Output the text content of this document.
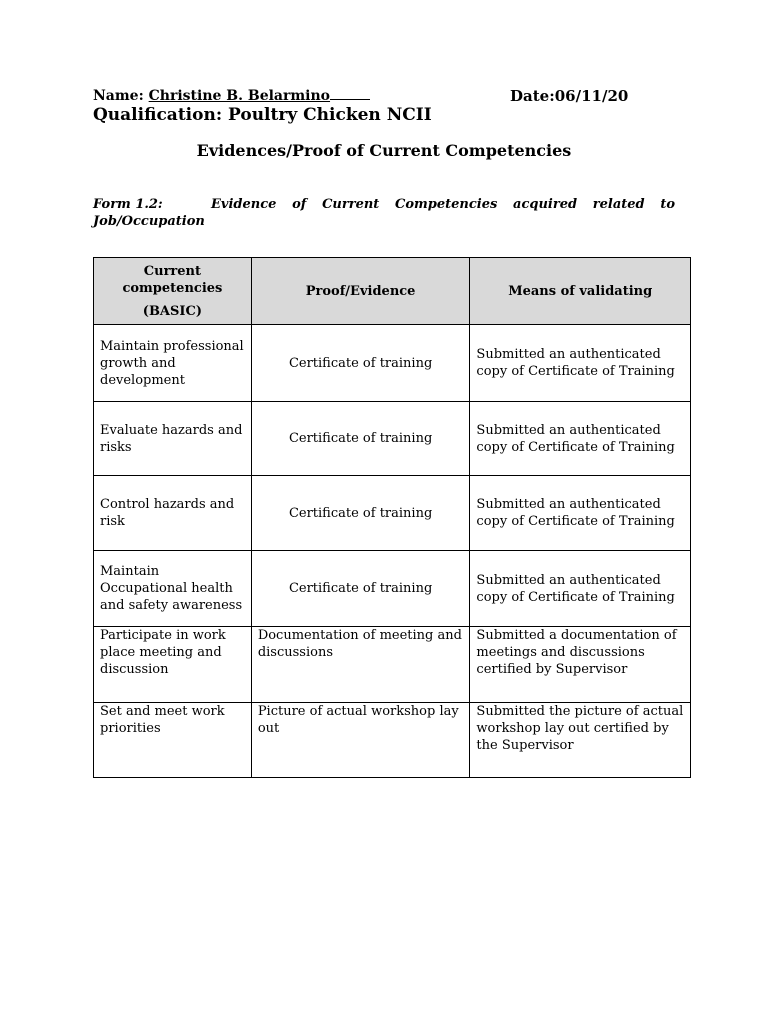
Name: Christine B. Belarmino	Date:06/11/20
Qualification: Poultry Chicken NCII
Evidences/Proof of Current Competencies
Form 1.2:	Evidence of Current Competencies acquired related to Job/Occupation
Current competencies
(BASIC)	Proof/Evidence	Means of validating
Maintain professional growth and development	Certificate of training	Submitted an authenticated copy of Certificate of Training
Evaluate hazards and risks	Certificate of training	Submitted an authenticated copy of Certificate of Training
Control hazards and risk	Certificate of training	Submitted an authenticated copy of Certificate of Training
Maintain Occupational health and safety awareness	Certificate of training	Submitted an authenticated copy of Certificate of Training
Participate in work place meeting and discussion	Documentation of meeting and discussions	Submitted a documentation of meetings and discussions certified by Supervisor
Set and meet work priorities	Picture of actual workshop lay out	Submitted the picture of actual workshop lay out certified by the Supervisor
